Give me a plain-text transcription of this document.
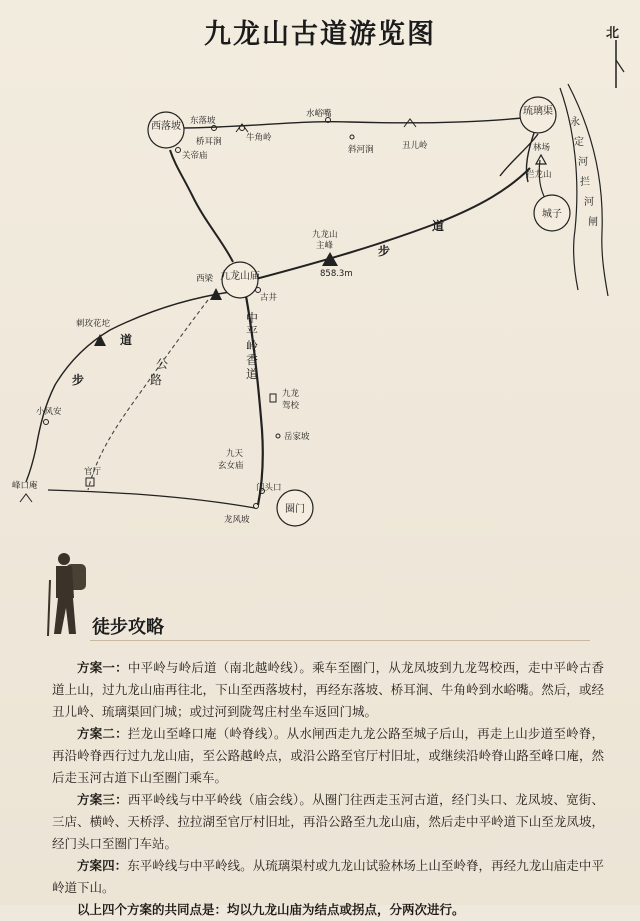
九龙山古道游览图	北
西落坡
琉璃渠
九龙山庙
城子
圈门
东落坡
桥耳涧	牛角岭
水峪嘴
斜河涧	丑儿岭
关帝庙
林场
拦龙山
永
定
河
拦
河
闸
九龙山
主峰
858.3m
西梁
古井
刺玫花坨
小风安
峰口庵
官厅
九龙
驾校
岳家坡
九天
玄女庙
门头口
龙风坡
道
步
道
步
公
路
中
平
岭
香
道
徒步攻略

方案一：中平岭与岭后道（南北越岭线）。乘车至圈门，从龙凤坡到九龙驾校西，走中平岭古香道上山，过九龙山庙再往北，下山至西落坡村，再经东落坡、桥耳涧、牛角岭到水峪嘴。然后，或经丑儿岭、琉璃渠回门城；或过河到陇驾庄村坐车返回门城。

方案二：拦龙山至峰口庵（岭脊线）。从水闸西走九龙公路至城子后山，再走上山步道至岭脊，再沿岭脊西行过九龙山庙，至公路越岭点，或沿公路至官厅村旧址，或继续沿岭脊山路至峰口庵，然后走玉河古道下山至圈门乘车。

方案三：西平岭线与中平岭线（庙会线）。从圈门往西走玉河古道，经门头口、龙凤坡、宽街、三店、横岭、天桥浮、拉拉湖至官厅村旧址，再沿公路至九龙山庙，然后走中平岭道下山至龙凤坡，经门头口至圈门车站。

方案四：东平岭线与中平岭线。从琉璃渠村或九龙山试验林场上山至岭脊，再经九龙山庙走中平岭道下山。

以上四个方案的共同点是：均以九龙山庙为结点或拐点，分两次进行。
